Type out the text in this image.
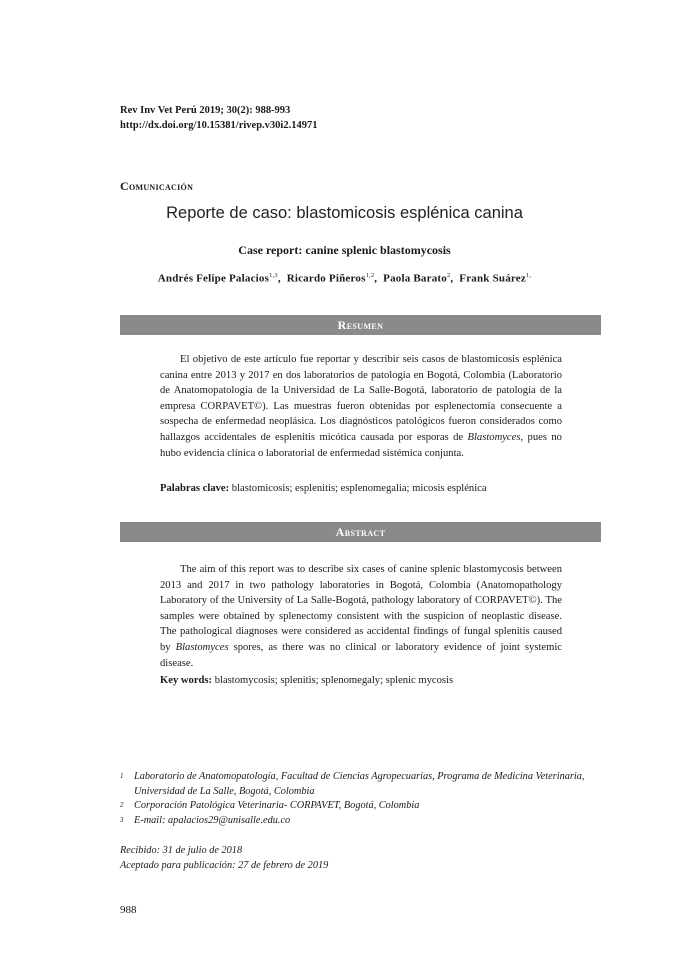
Rev Inv Vet Perú 2019; 30(2): 988-993
http://dx.doi.org/10.15381/rivep.v30i2.14971
Comunicación
Reporte de caso: blastomicosis esplénica canina
Case report: canine splenic blastomycosis
Andrés Felipe Palacios$^{1,3}$,  Ricardo Piñeros$^{1,2}$,  Paola Barato$^2$,  Frank Suárez$^{1,}$
Resumen

El objetivo de este artículo fue reportar y describir seis casos de blastomicosis esplénica canina entre 2013 y 2017 en dos laboratorios de patología en Bogotá, Colombia (Laboratorio de Anatomopatología de la Universidad de La Salle-Bogotá, laboratorio de patología de la empresa CORPAVET©). Las muestras fueron obtenidas por esplenectomía consecuente a sospecha de enfermedad neoplásica. Los diagnósticos patológicos fueron considerados como hallazgos accidentales de esplenitis micótica causada por esporas de Blastomyces, pues no hubo evidencia clínica o laboratorial de enfermedad sistémica conjunta.

Palabras clave: blastomicosis; esplenitis; esplenomegalia; micosis esplénica
Abstract

The aim of this report was to describe six cases of canine splenic blastomycosis between 2013 and 2017 in two pathology laboratories in Bogotá, Colombia (Anatomopathology Laboratory of the University of La Salle-Bogotá, pathology laboratory of CORPAVET©). The samples were obtained by splenectomy consistent with the suspicion of neoplastic disease. The pathological diagnoses were considered as accidental findings of fungal splenitis caused by Blastomyces spores, as there was no clinical or laboratory evidence of joint systemic disease.

Key words: blastomycosis; splenitis; splenomegaly; splenic mycosis
1 Laboratorio de Anatomopatología, Facultad de Ciencias Agropecuarias, Programa de Medicina Veterinaria, Universidad de La Salle, Bogotá, Colombia
2 Corporación Patológica Veterinaria- CORPAVET, Bogotá, Colombia
3 E-mail: apalacios29@unisalle.edu.co
Recibido: 31 de julio de 2018
Aceptado para publicación: 27 de febrero de 2019
988
